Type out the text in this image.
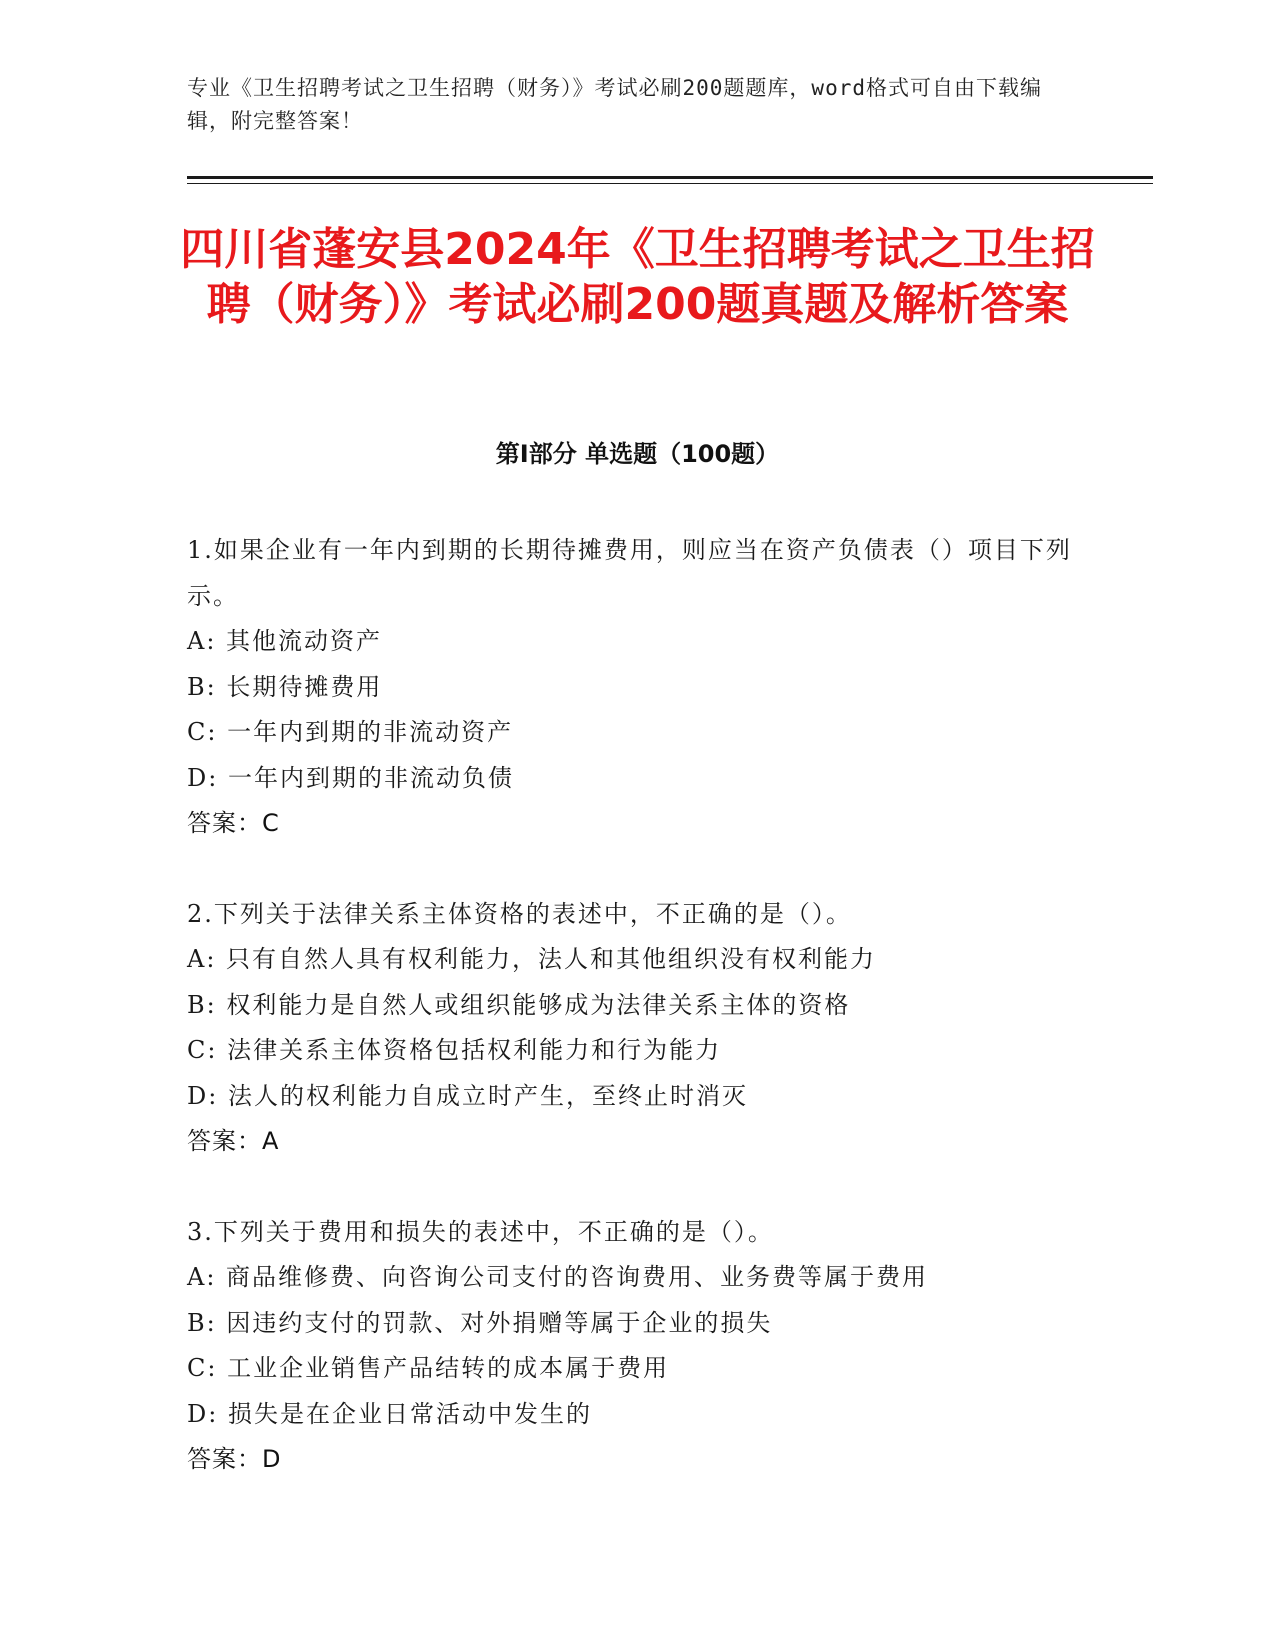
专业《卫生招聘考试之卫生招聘（财务）》考试必刷200题题库，word格式可自由下载编辑，附完整答案！
四川省蓬安县2024年《卫生招聘考试之卫生招聘（财务）》考试必刷200题真题及解析答案
第Ⅰ部分 单选题（100题）

1.如果企业有一年内到期的长期待摊费用，则应当在资产负债表（）项目下列示。

A: 其他流动资产

B: 长期待摊费用

C: 一年内到期的非流动资产

D: 一年内到期的非流动负债

答案：C

2.下列关于法律关系主体资格的表述中，不正确的是（）。

A: 只有自然人具有权利能力，法人和其他组织没有权利能力

B: 权利能力是自然人或组织能够成为法律关系主体的资格

C: 法律关系主体资格包括权利能力和行为能力

D: 法人的权利能力自成立时产生，至终止时消灭

答案：A

3.下列关于费用和损失的表述中，不正确的是（）。

A: 商品维修费、向咨询公司支付的咨询费用、业务费等属于费用

B: 因违约支付的罚款、对外捐赠等属于企业的损失

C: 工业企业销售产品结转的成本属于费用

D: 损失是在企业日常活动中发生的

答案：D
